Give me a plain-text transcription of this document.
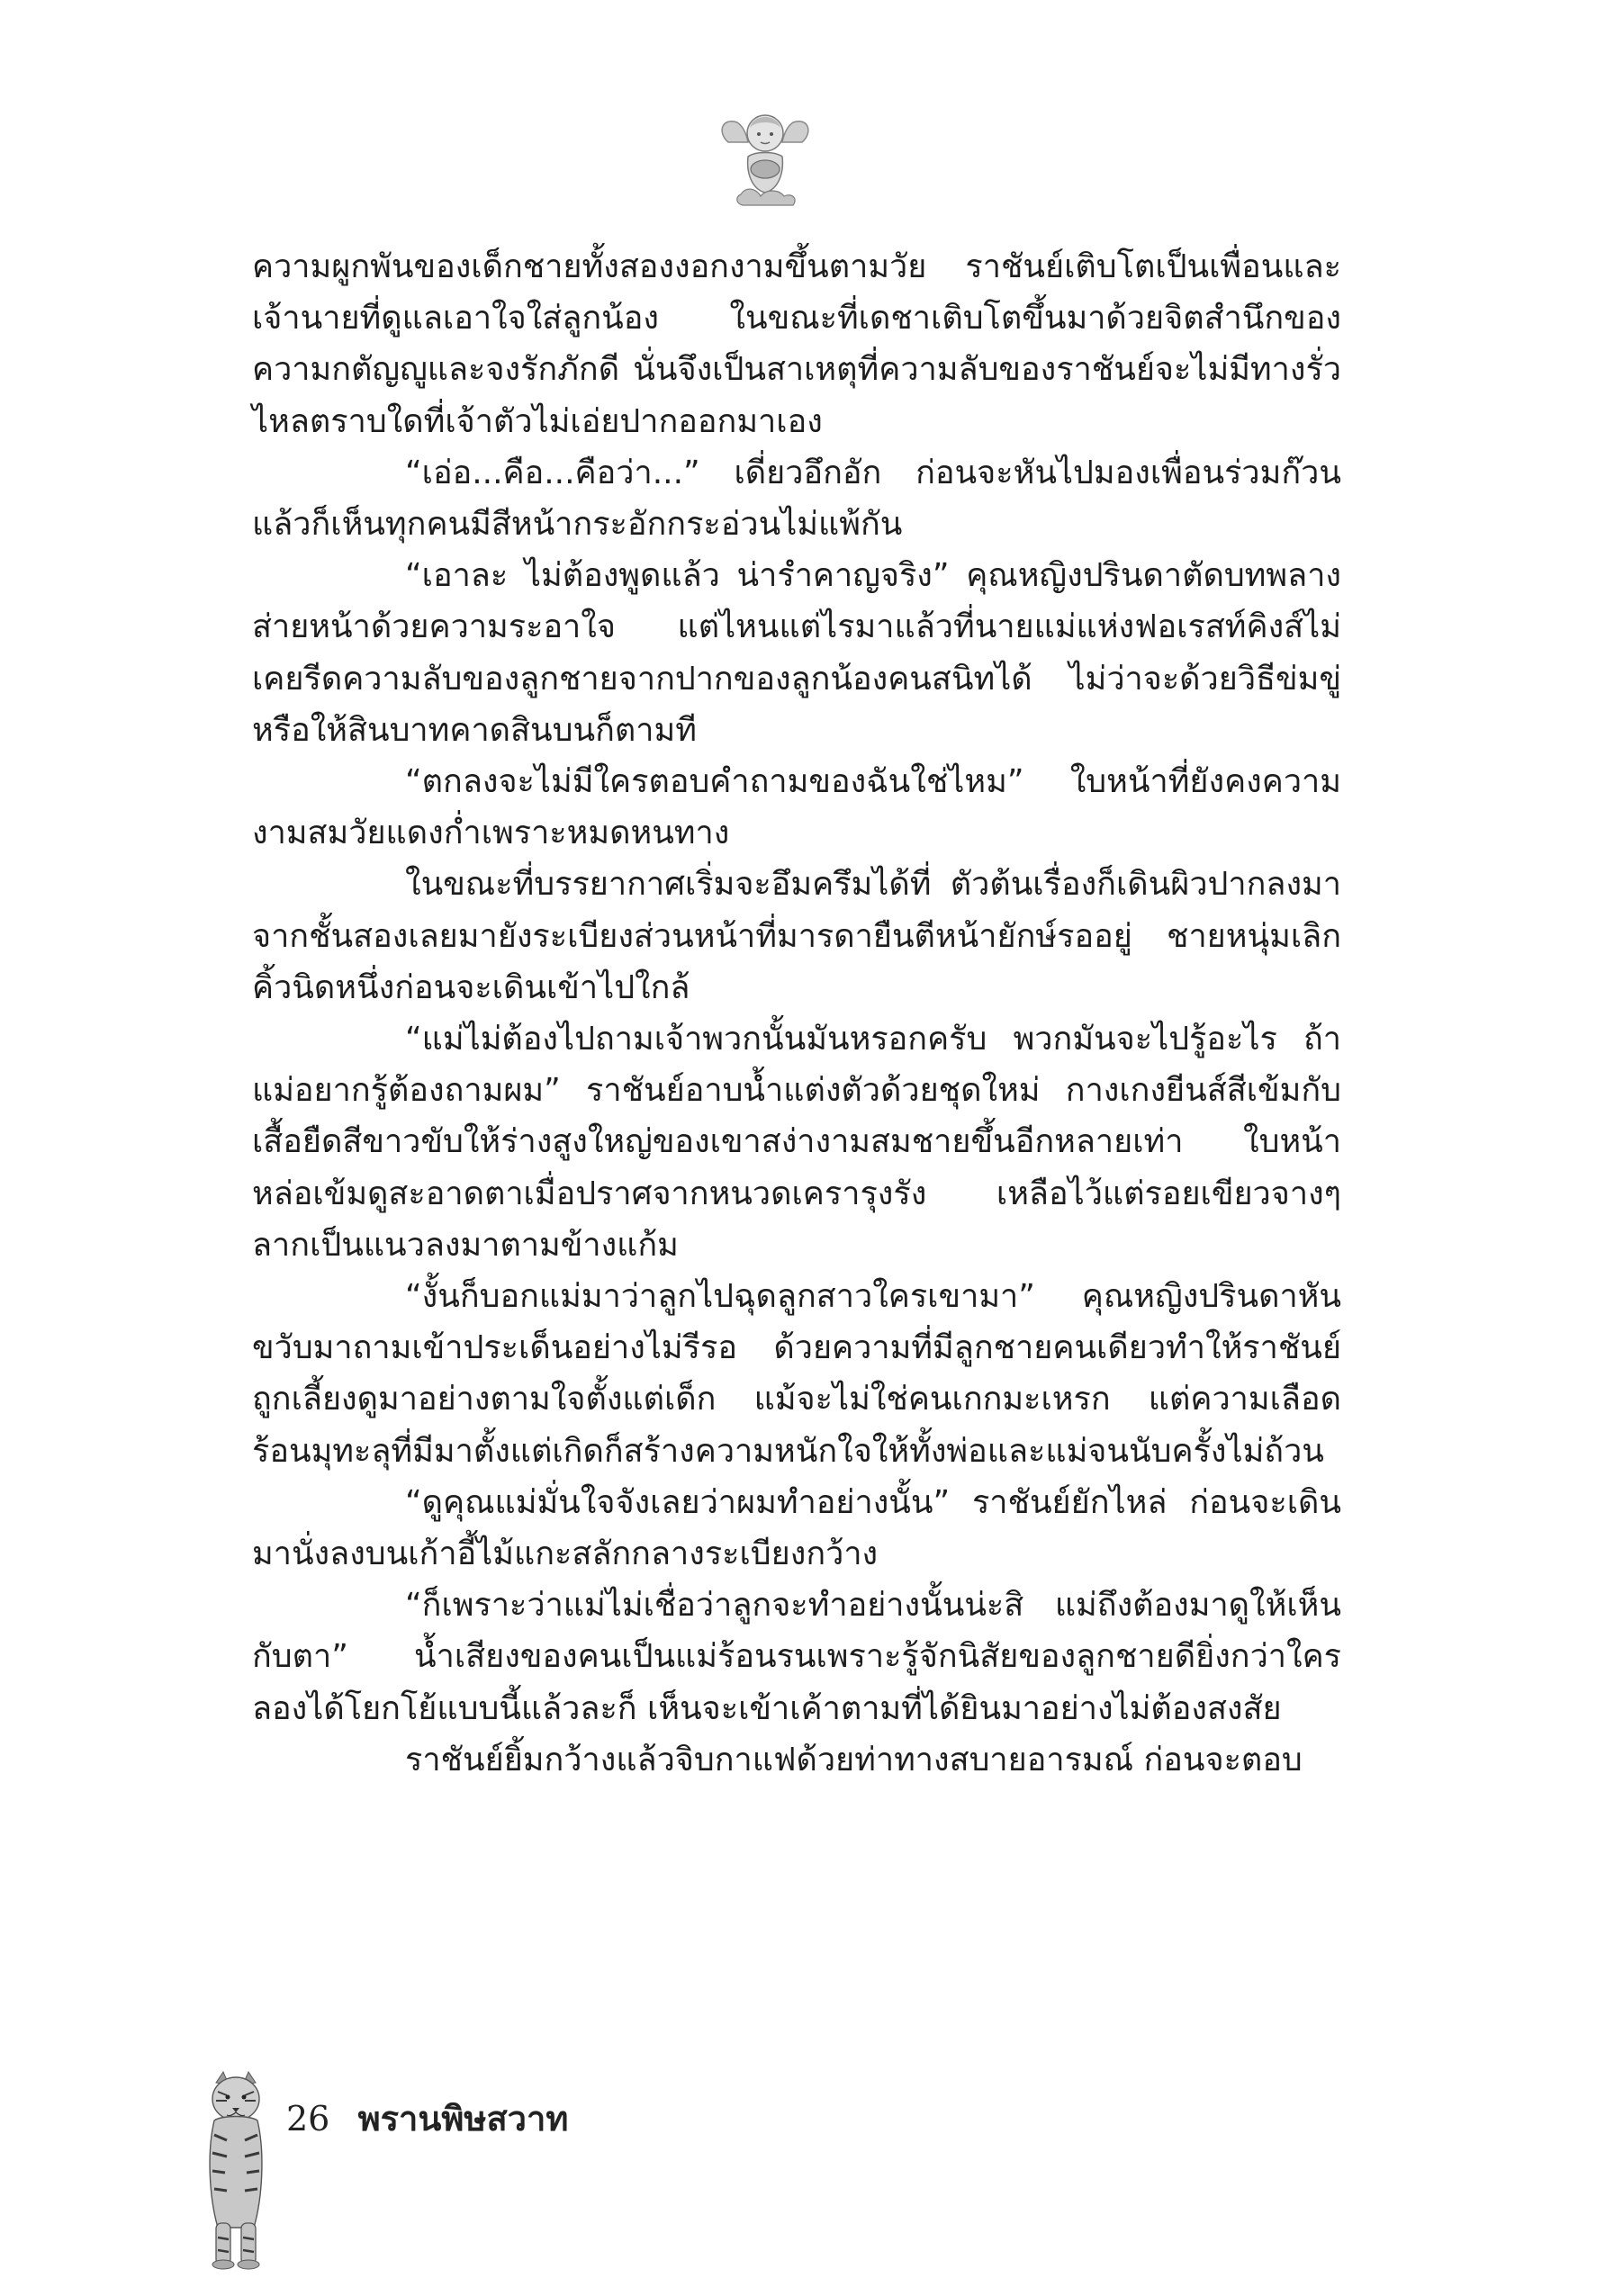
ความผูกพันของเด็กชายทั้งสองงอกงามขึ้นตามวัย ราชันย์เติบโตเป็นเพื่อนและเจ้านายที่ดูแลเอาใจใส่ลูกน้อง ในขณะที่เดชาเติบโตขึ้นมาด้วยจิตสำนึกของความกตัญญูและจงรักภักดี นั่นจึงเป็นสาเหตุที่ความลับของราชันย์จะไม่มีทางรั่วไหลตราบใดที่เจ้าตัวไม่เอ่ยปากออกมาเอง

“เอ่อ...คือ...คือว่า...” เดี่ยวอึกอัก ก่อนจะหันไปมองเพื่อนร่วมก๊วน แล้วก็เห็นทุกคนมีสีหน้ากระอักกระอ่วนไม่แพ้กัน

“เอาละ ไม่ต้องพูดแล้ว น่ารำคาญจริง” คุณหญิงปรินดาตัดบทพลางส่ายหน้าด้วยความระอาใจ แต่ไหนแต่ไรมาแล้วที่นายแม่แห่งฟอเรสท์คิงส์ไม่เคยรีดความลับของลูกชายจากปากของลูกน้องคนสนิทได้ ไม่ว่าจะด้วยวิธีข่มขู่หรือให้สินบาทคาดสินบนก็ตามที

“ตกลงจะไม่มีใครตอบคำถามของฉันใช่ไหม” ใบหน้าที่ยังคงความงามสมวัยแดงก่ำเพราะหมดหนทาง

ในขณะที่บรรยากาศเริ่มจะอึมครึมได้ที่ ตัวต้นเรื่องก็เดินผิวปากลงมาจากชั้นสองเลยมายังระเบียงส่วนหน้าที่มารดายืนตีหน้ายักษ์รออยู่ ชายหนุ่มเลิกคิ้วนิดหนึ่งก่อนจะเดินเข้าไปใกล้

“แม่ไม่ต้องไปถามเจ้าพวกนั้นมันหรอกครับ พวกมันจะไปรู้อะไร ถ้าแม่อยากรู้ต้องถามผม” ราชันย์อาบน้ำแต่งตัวด้วยชุดใหม่ กางเกงยีนส์สีเข้มกับเสื้อยืดสีขาวขับให้ร่างสูงใหญ่ของเขาสง่างามสมชายขึ้นอีกหลายเท่า ใบหน้าหล่อเข้มดูสะอาดตาเมื่อปราศจากหนวดเครารุงรัง เหลือไว้แต่รอยเขียวจางๆ ลากเป็นแนวลงมาตามข้างแก้ม

“งั้นก็บอกแม่มาว่าลูกไปฉุดลูกสาวใครเขามา” คุณหญิงปรินดาหันขวับมาถามเข้าประเด็นอย่างไม่รีรอ ด้วยความที่มีลูกชายคนเดียวทำให้ราชันย์ถูกเลี้ยงดูมาอย่างตามใจตั้งแต่เด็ก แม้จะไม่ใช่คนเกกมะเหรก แต่ความเลือดร้อนมุทะลุที่มีมาตั้งแต่เกิดก็สร้างความหนักใจให้ทั้งพ่อและแม่จนนับครั้งไม่ถ้วน

“ดูคุณแม่มั่นใจจังเลยว่าผมทำอย่างนั้น” ราชันย์ยักไหล่ ก่อนจะเดินมานั่งลงบนเก้าอี้ไม้แกะสลักกลางระเบียงกว้าง

“ก็เพราะว่าแม่ไม่เชื่อว่าลูกจะทำอย่างนั้นน่ะสิ แม่ถึงต้องมาดูให้เห็นกับตา” น้ำเสียงของคนเป็นแม่ร้อนรนเพราะรู้จักนิสัยของลูกชายดียิ่งกว่าใคร ลองได้โยกโย้แบบนี้แล้วละก็ เห็นจะเข้าเค้าตามที่ได้ยินมาอย่างไม่ต้องสงสัย

ราชันย์ยิ้มกว้างแล้วจิบกาแฟด้วยท่าทางสบายอารมณ์ ก่อนจะตอบ

26 พรานพิษสวาท
